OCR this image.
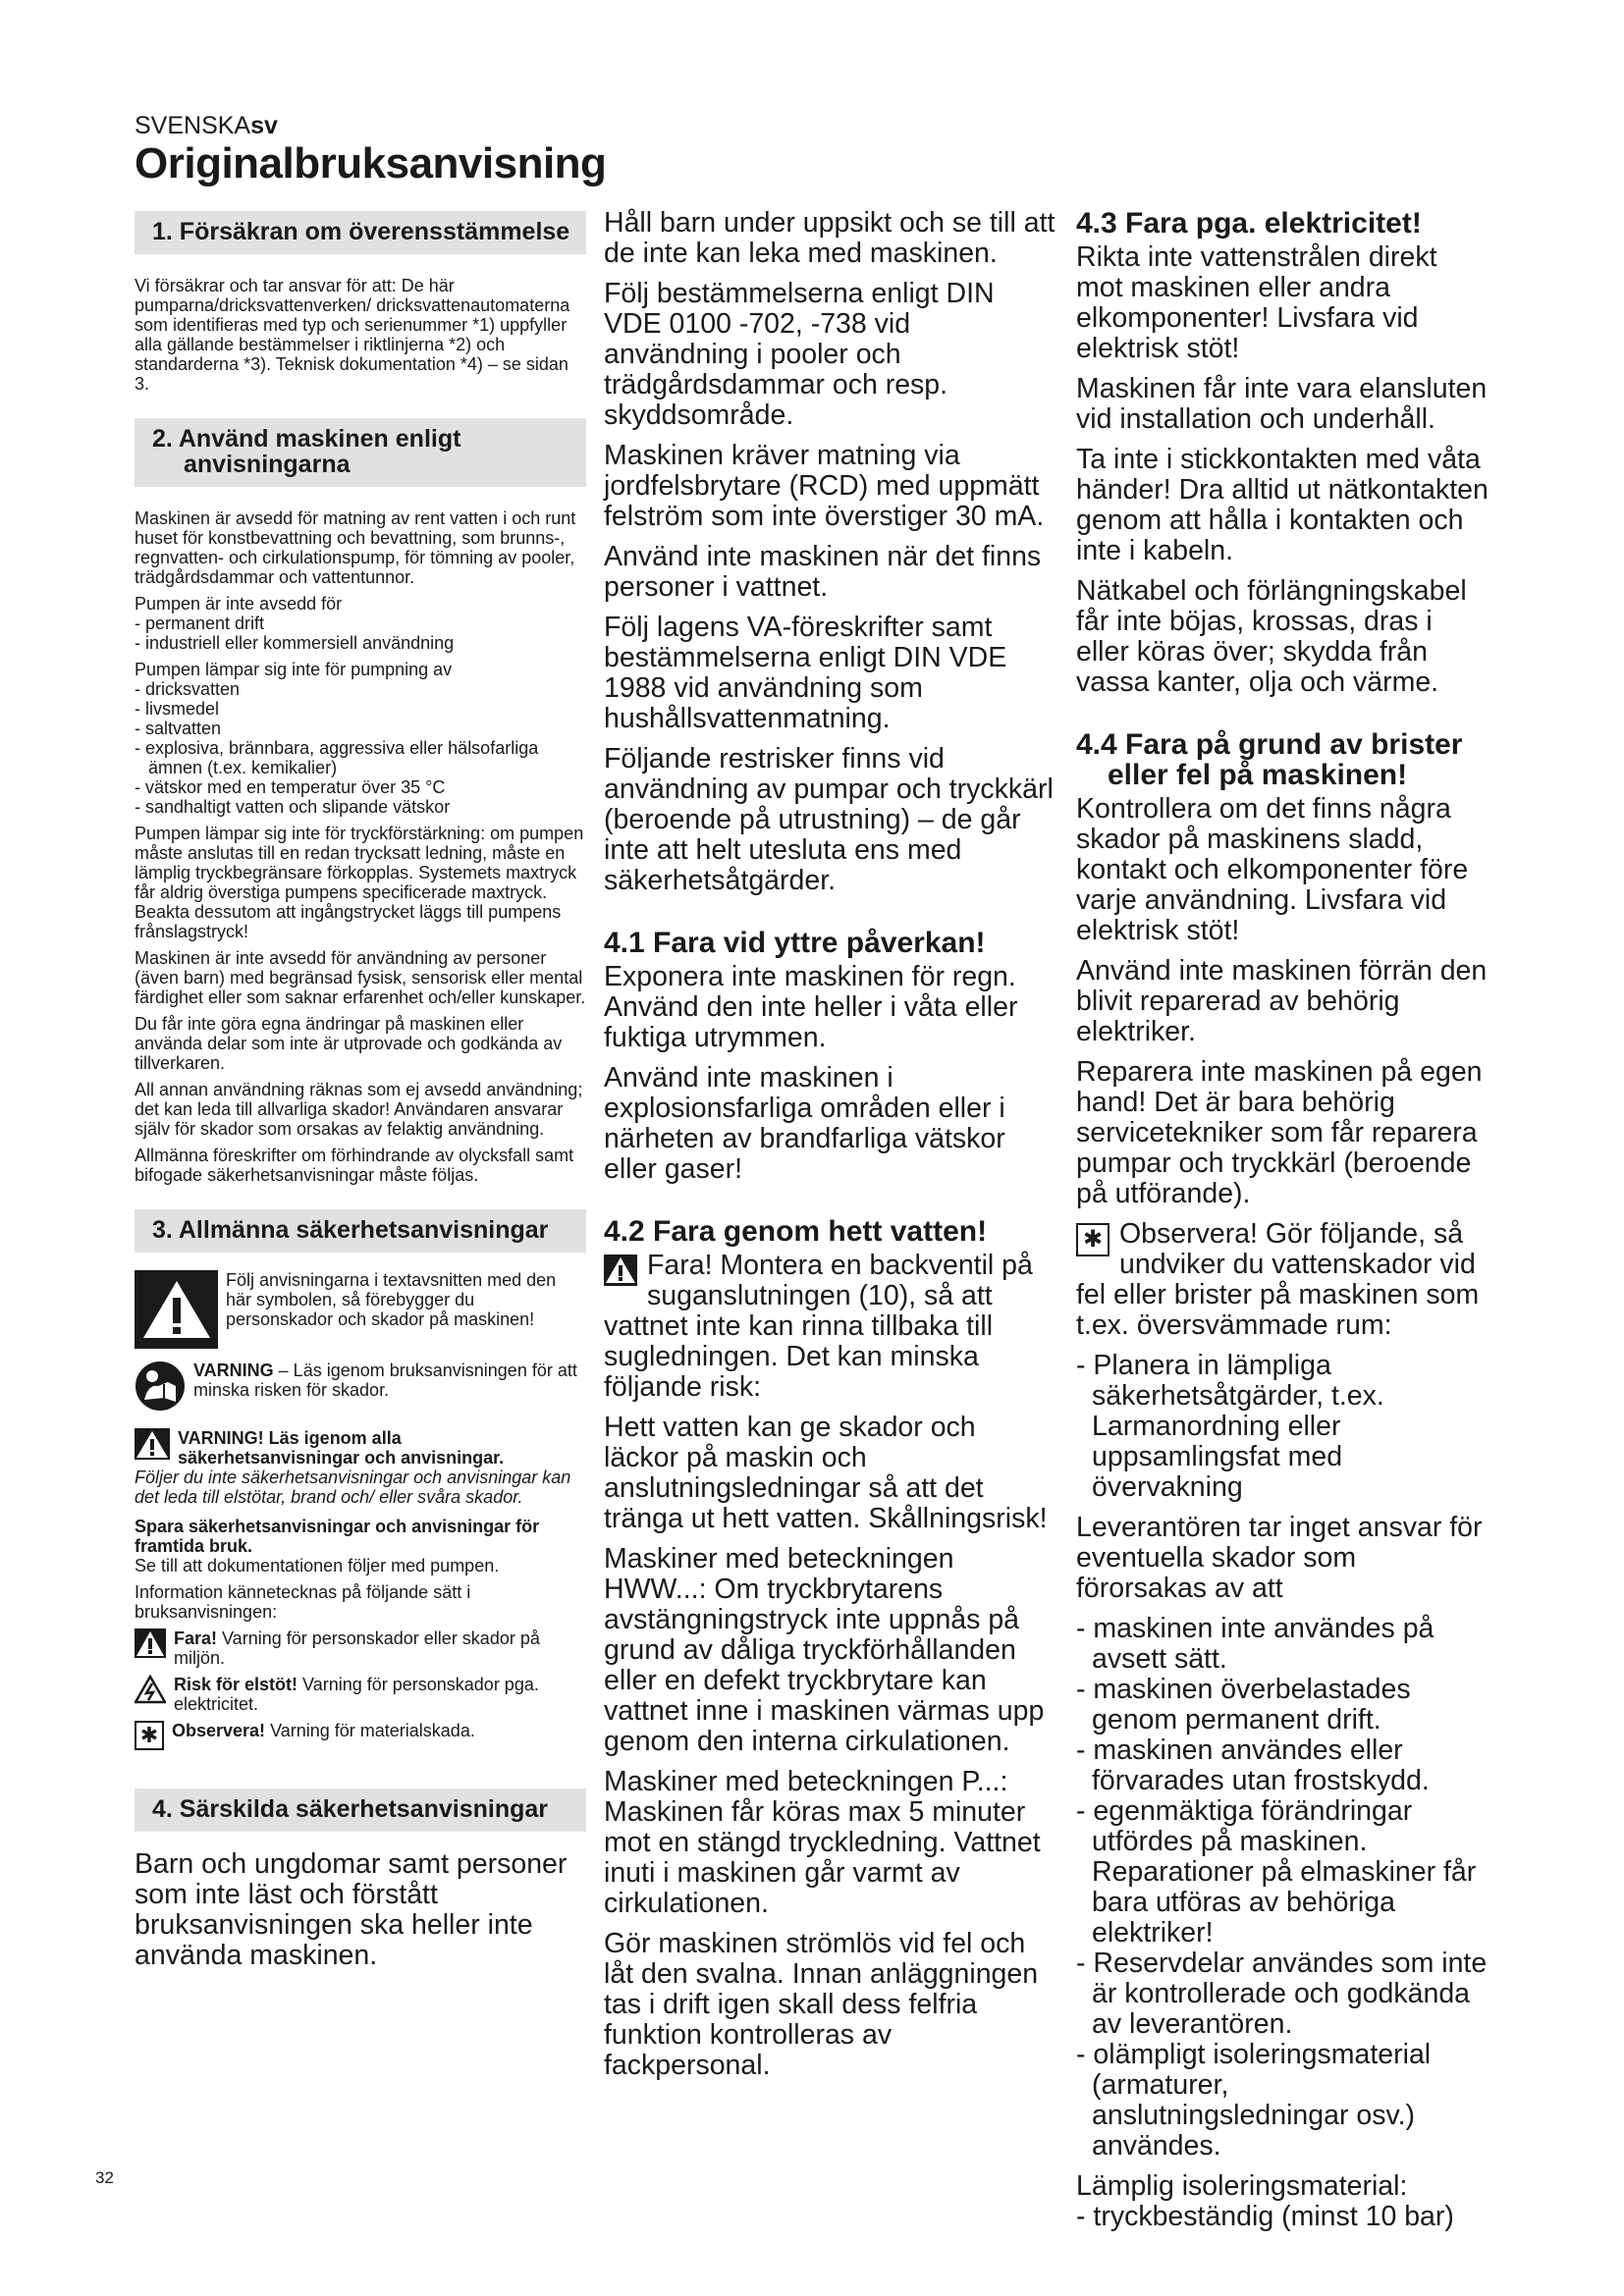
SVENSKAsv
Originalbruksanvisning
1. Försäkran om överensstämmelse

Vi försäkrar och tar ansvar för att: De här pumparna/dricksvattenverken/ dricksvattenautomaterna som identifieras med typ och serienummer *1) uppfyller alla gällande bestämmelser i riktlinjerna *2) och standarderna *3). Teknisk dokumentation *4) – se sidan 3.

2. Använd maskinen enligt anvisningarna

Maskinen är avsedd för matning av rent vatten i och runt huset för konstbevattning och bevattning, som brunns-, regnvatten- och cirkulationspump, för tömning av pooler, trädgårdsdammar och vattentunnor.

Pumpen är inte avsedd för

- permanent drift
- industriell eller kommersiell användning

Pumpen lämpar sig inte för pumpning av

- dricksvatten
- livsmedel
- saltvatten
- explosiva, brännbara, aggressiva eller hälsofarliga ämnen (t.ex. kemikalier)
- vätskor med en temperatur över 35 °C
- sandhaltigt vatten och slipande vätskor

Pumpen lämpar sig inte för tryckförstärkning: om pumpen måste anslutas till en redan trycksatt ledning, måste en lämplig tryckbegränsare förkopplas. Systemets maxtryck får aldrig överstiga pumpens specificerade maxtryck. Beakta dessutom att ingångstrycket läggs till pumpens frånslagstryck!

Maskinen är inte avsedd för användning av personer (även barn) med begränsad fysisk, sensorisk eller mental färdighet eller som saknar erfarenhet och/eller kunskaper.

Du får inte göra egna ändringar på maskinen eller använda delar som inte är utprovade och godkända av tillverkaren.

All annan användning räknas som ej avsedd användning; det kan leda till allvarliga skador! Användaren ansvarar själv för skador som orsakas av felaktig användning.

Allmänna föreskrifter om förhindrande av olycksfall samt bifogade säkerhetsanvisningar måste följas.

3. Allmänna säkerhetsanvisningar
Följ anvisningarna i textavsnitten med den här symbolen, så förebygger du personskador och skador på maskinen!
VARNING – Läs igenom bruksanvisningen för att minska risken för skador.
VARNING! Läs igenom alla säkerhetsanvisningar och anvisningar.

Följer du inte säkerhetsanvisningar och anvisningar kan det leda till elstötar, brand och/ eller svåra skador.

Spara säkerhetsanvisningar och anvisningar för framtida bruk.

Se till att dokumentationen följer med pumpen.

Information kännetecknas på följande sätt i bruksanvisningen:

Fara! Varning för personskador eller skador på miljön.
Risk för elstöt! Varning för personskador pga. elektricitet.
✱ Observera! Varning för materialskada.
4. Särskilda säkerhetsanvisningar

Barn och ungdomar samt personer som inte läst och förstått bruksanvisningen ska heller inte använda maskinen.

Håll barn under uppsikt och se till att de inte kan leka med maskinen.

Följ bestämmelserna enligt DIN VDE 0100 -702, -738 vid användning i pooler och trädgårdsdammar och resp. skyddsområde.

Maskinen kräver matning via jordfelsbrytare (RCD) med uppmätt felström som inte överstiger 30 mA.

Använd inte maskinen när det finns personer i vattnet.

Följ lagens VA-föreskrifter samt bestämmelserna enligt DIN VDE 1988 vid användning som hushållsvattenmatning.

Följande restrisker finns vid användning av pumpar och tryckkärl (beroende på utrustning) – de går inte att helt utesluta ens med säkerhetsåtgärder.

4.1 Fara vid yttre påverkan!

Exponera inte maskinen för regn. Använd den inte heller i våta eller fuktiga utrymmen.

Använd inte maskinen i explosionsfarliga områden eller i närheten av brandfarliga vätskor eller gaser!

4.2 Fara genom hett vatten!

Fara! Montera en backventil på suganslutningen (10), så att vattnet inte kan rinna tillbaka till sugledningen. Det kan minska följande risk:

Hett vatten kan ge skador och läckor på maskin och anslutningsledningar så att det tränga ut hett vatten. Skållningsrisk!

Maskiner med beteckningen HWW...: Om tryckbrytarens avstängningstryck inte uppnås på grund av dåliga tryckförhållanden eller en defekt tryckbrytare kan vattnet inne i maskinen värmas upp genom den interna cirkulationen.

Maskiner med beteckningen P...: Maskinen får köras max 5 minuter mot en stängd tryckledning. Vattnet inuti i maskinen går varmt av cirkulationen.

Gör maskinen strömlös vid fel och låt den svalna. Innan anläggningen tas i drift igen skall dess felfria funktion kontrolleras av fackpersonal.

4.3 Fara pga. elektricitet!

Rikta inte vattenstrålen direkt mot maskinen eller andra elkomponenter! Livsfara vid elektrisk stöt!

Maskinen får inte vara elansluten vid installation och underhåll.

Ta inte i stickkontakten med våta händer! Dra alltid ut nätkontakten genom att hålla i kontakten och inte i kabeln.

Nätkabel och förlängningskabel får inte böjas, krossas, dras i eller köras över; skydda från vassa kanter, olja och värme.

4.4 Fara på grund av brister eller fel på maskinen!

Kontrollera om det finns några skador på maskinens sladd, kontakt och elkomponenter före varje användning. Livsfara vid elektrisk stöt!

Använd inte maskinen förrän den blivit reparerad av behörig elektriker.

Reparera inte maskinen på egen hand! Det är bara behörig servicetekniker som får reparera pumpar och tryckkärl (beroende på utförande).

✱ Observera! Gör följande, så undviker du vattenskador vid fel eller brister på maskinen som t.ex. översvämmade rum:

- Planera in lämpliga säkerhetsåtgärder, t.ex. Larmanordning eller uppsamlingsfat med övervakning

Leverantören tar inget ansvar för eventuella skador som förorsakas av att

- maskinen inte användes på avsett sätt.
- maskinen överbelastades genom permanent drift.
- maskinen användes eller förvarades utan frostskydd.
- egenmäktiga förändringar utfördes på maskinen. Reparationer på elmaskiner får bara utföras av behöriga elektriker!
- Reservdelar användes som inte är kontrollerade och godkända av leverantören.
- olämpligt isoleringsmaterial (armaturer, anslutningsledningar osv.) användes.

Lämplig isoleringsmaterial:

- tryckbeständig (minst 10 bar)
32
